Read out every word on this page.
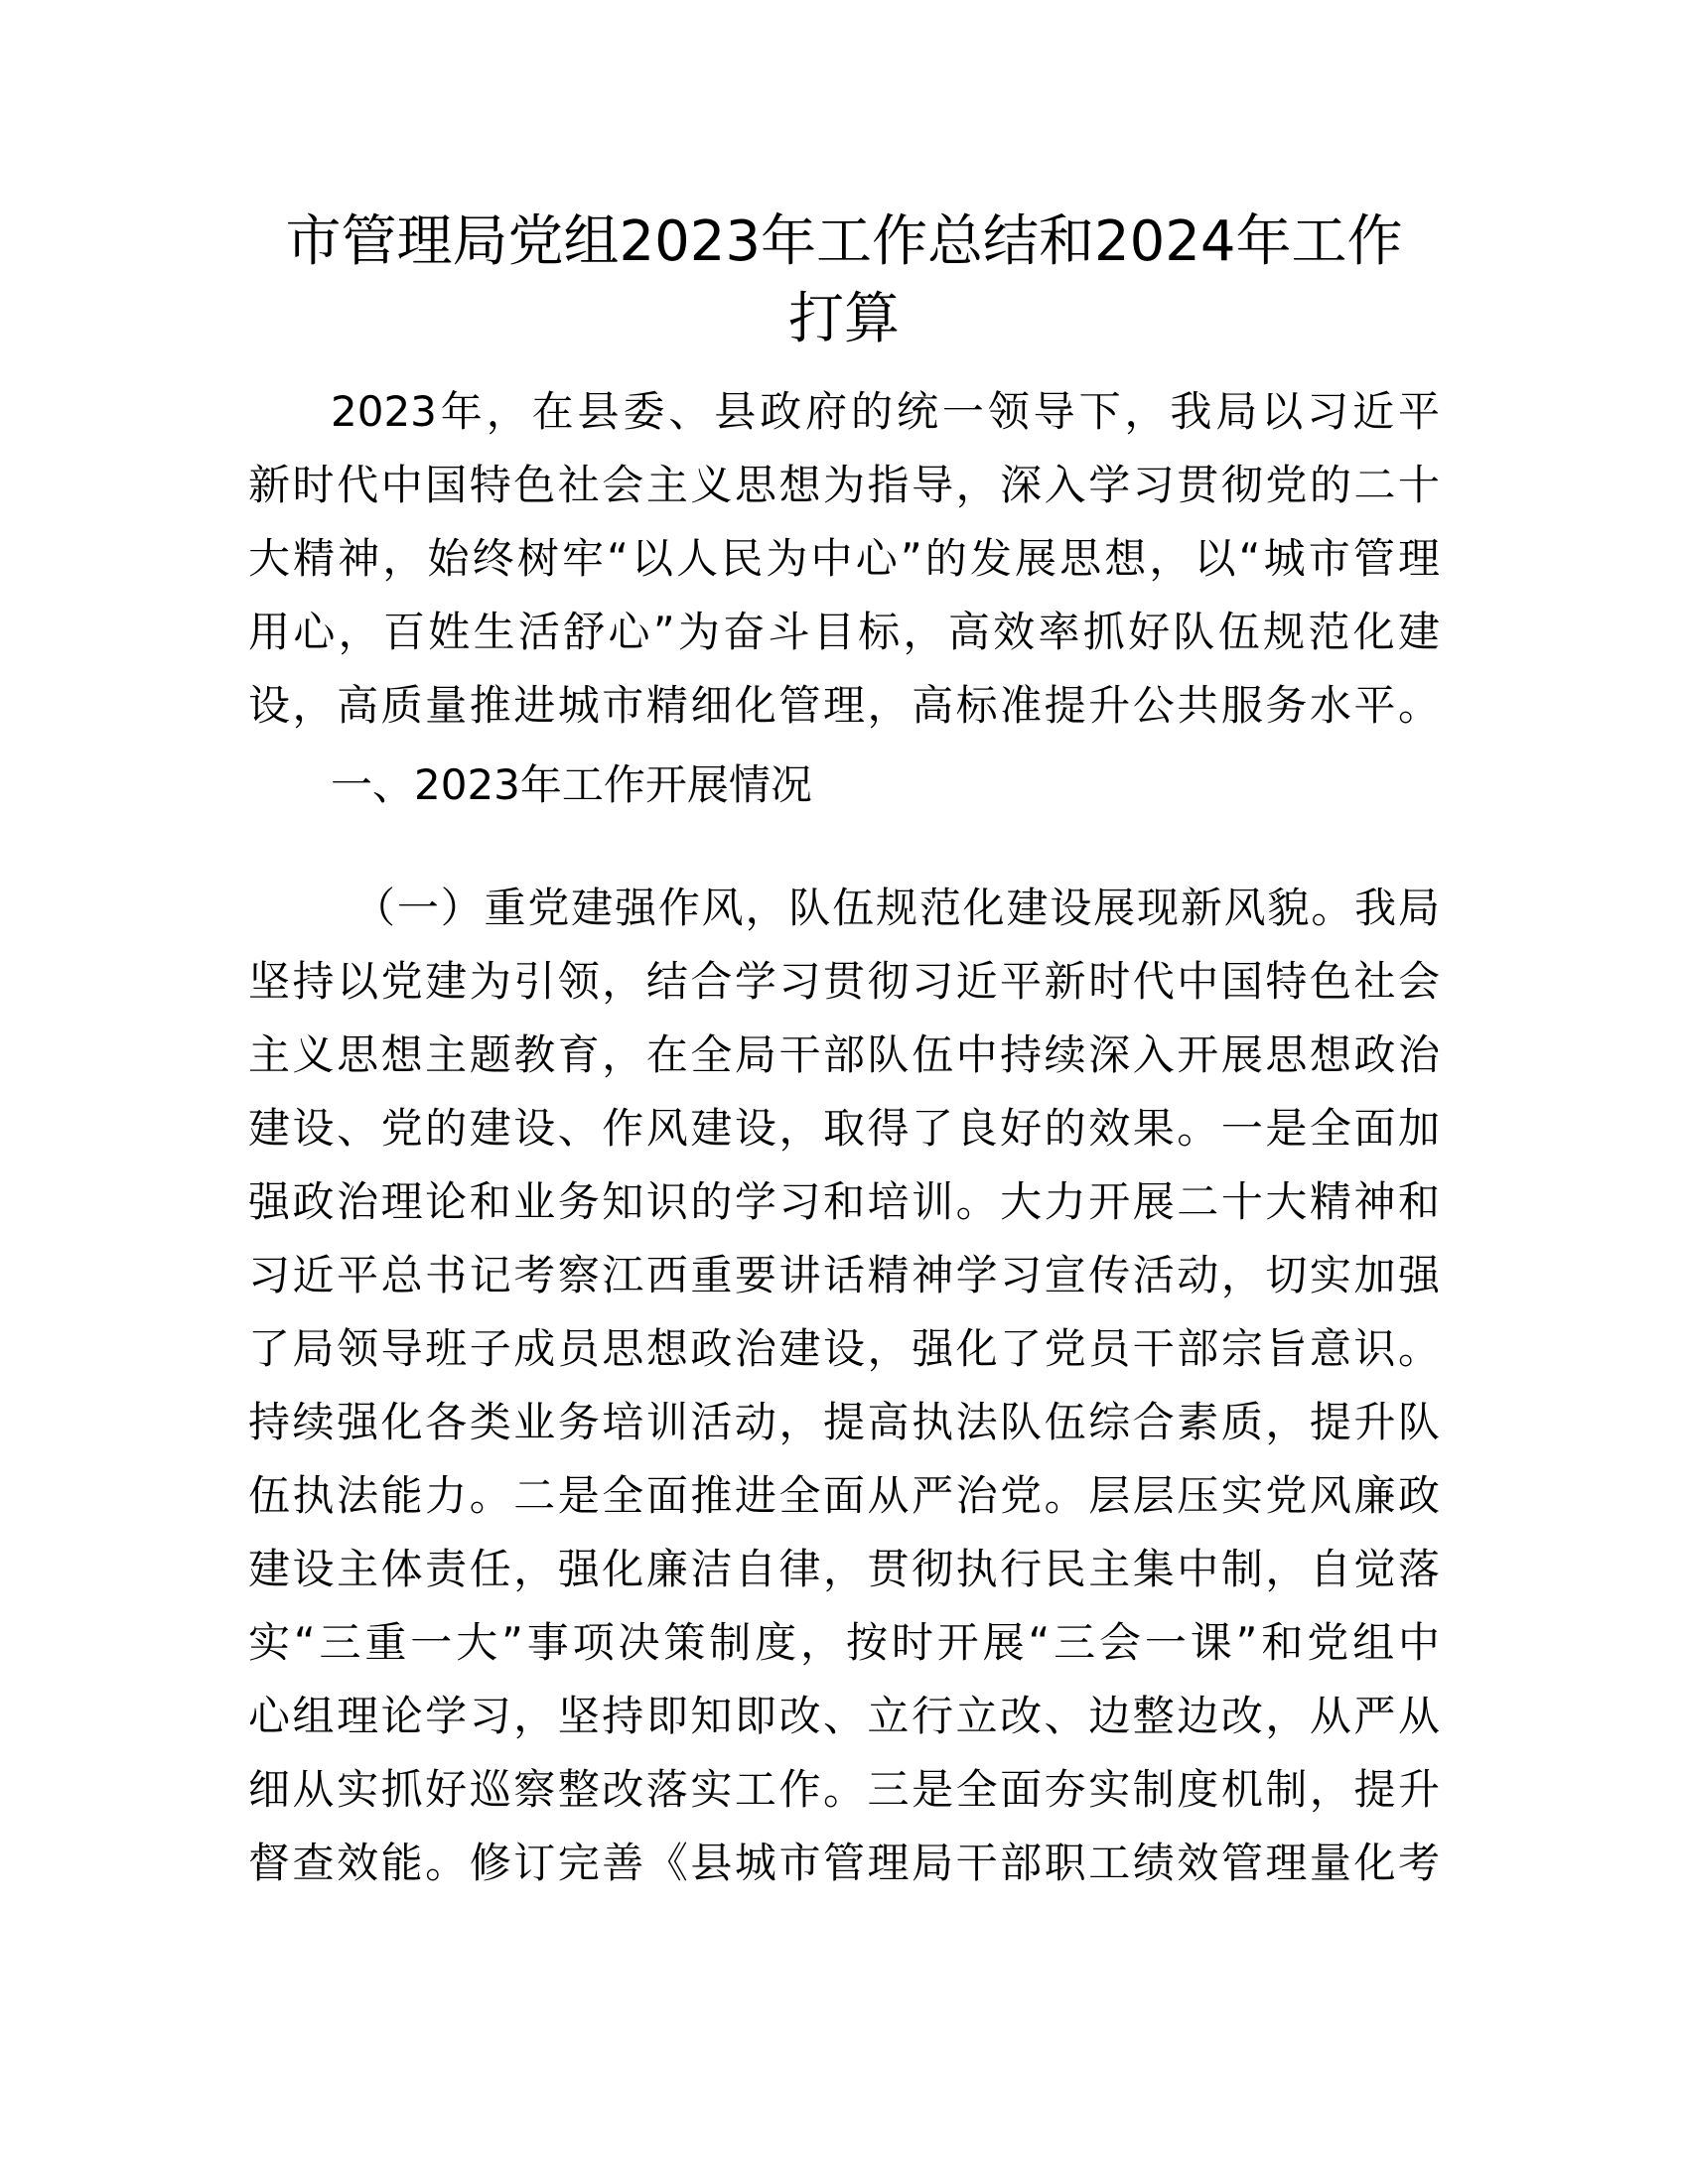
市管理局党组2023年工作总结和2024年工作
打算
2023年，在县委、县政府的统一领导下，我局以习近平
新时代中国特色社会主义思想为指导，深入学习贯彻党的二十
大精神，始终树牢“以人民为中心”的发展思想，以“城市管理
用心，百姓生活舒心”为奋斗目标，高效率抓好队伍规范化建
设，高质量推进城市精细化管理，高标准提升公共服务水平。
一、2023年工作开展情况
（一）重党建强作风，队伍规范化建设展现新风貌。我局
坚持以党建为引领，结合学习贯彻习近平新时代中国特色社会
主义思想主题教育，在全局干部队伍中持续深入开展思想政治
建设、党的建设、作风建设，取得了良好的效果。一是全面加
强政治理论和业务知识的学习和培训。大力开展二十大精神和
习近平总书记考察江西重要讲话精神学习宣传活动，切实加强
了局领导班子成员思想政治建设，强化了党员干部宗旨意识。
持续强化各类业务培训活动，提高执法队伍综合素质，提升队
伍执法能力。二是全面推进全面从严治党。层层压实党风廉政
建设主体责任，强化廉洁自律，贯彻执行民主集中制，自觉落
实“三重一大”事项决策制度，按时开展“三会一课”和党组中
心组理论学习，坚持即知即改、立行立改、边整边改，从严从
细从实抓好巡察整改落实工作。三是全面夯实制度机制，提升
督查效能。修订完善《县城市管理局干部职工绩效管理量化考
